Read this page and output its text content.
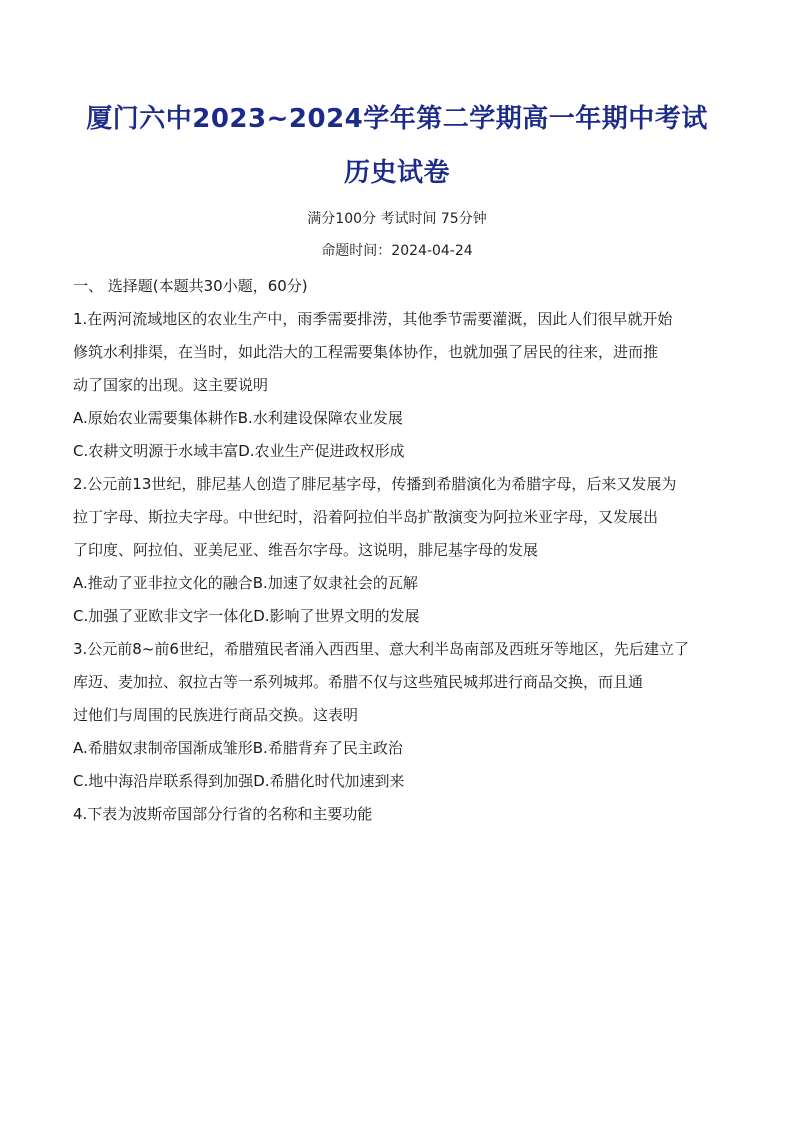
厦门六中2023~2024学年第二学期高一年期中考试
历史试卷
满分100分 考试时间 75分钟
命题时间：2024-04-24
一、 选择题(本题共30小题，60分)
1.在两河流域地区的农业生产中，雨季需要排涝，其他季节需要灌溉，因此人们很早就开始
修筑水利排渠，在当时，如此浩大的工程需要集体协作，也就加强了居民的往来，进而推
动了国家的出现。这主要说明
A.原始农业需要集体耕作B.水利建设保障农业发展
C.农耕文明源于水域丰富D.农业生产促进政权形成
2.公元前13世纪，腓尼基人创造了腓尼基字母，传播到希腊演化为希腊字母，后来又发展为
拉丁字母、斯拉夫字母。中世纪时，沿着阿拉伯半岛扩散演变为阿拉米亚字母，又发展出
了印度、阿拉伯、亚美尼亚、维吾尔字母。这说明，腓尼基字母的发展
A.推动了亚非拉文化的融合B.加速了奴隶社会的瓦解
C.加强了亚欧非文字一体化D.影响了世界文明的发展
3.公元前8~前6世纪，希腊殖民者涌入西西里、意大利半岛南部及西班牙等地区，先后建立了
库迈、麦加拉、叙拉古等一系列城邦。希腊不仅与这些殖民城邦进行商品交换，而且通
过他们与周围的民族进行商品交换。这表明
A.希腊奴隶制帝国渐成雏形B.希腊背弃了民主政治
C.地中海沿岸联系得到加强D.希腊化时代加速到来
4.下表为波斯帝国部分行省的名称和主要功能
